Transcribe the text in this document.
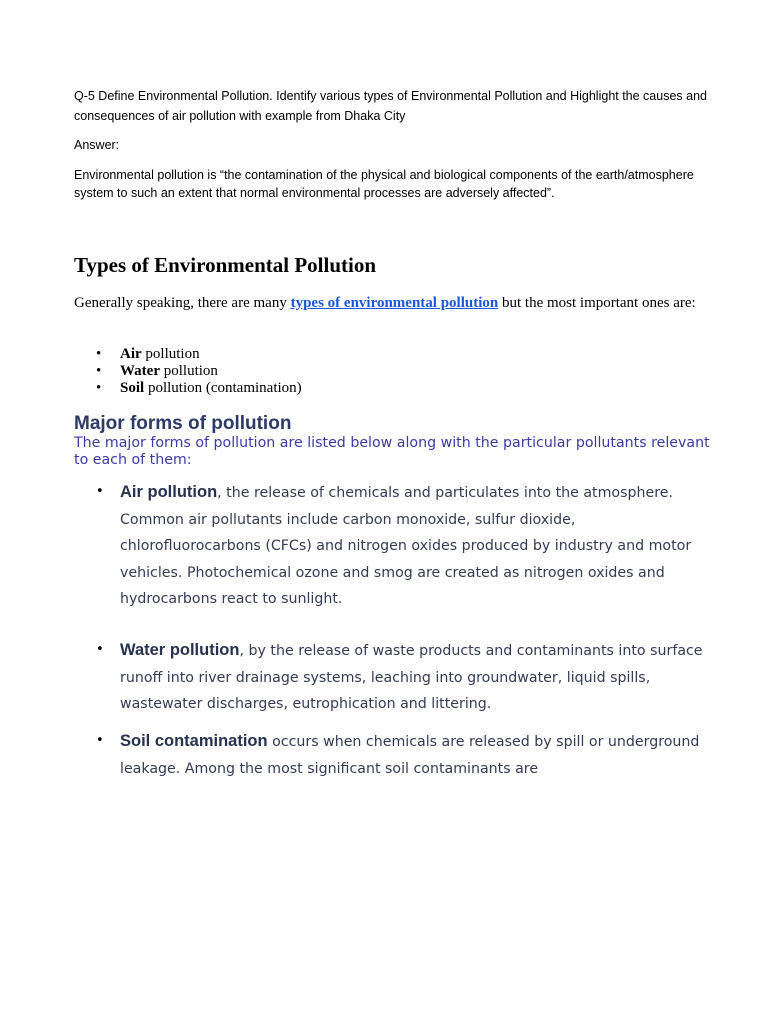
Q-5 Define Environmental Pollution. Identify various types of Environmental Pollution and Highlight the causes and consequences of air pollution with example from Dhaka City
Answer:
Environmental pollution is “the contamination of the physical and biological components of the earth/atmosphere system to such an extent that normal environmental processes are adversely affected”.
Types of Environmental Pollution
Generally speaking, there are many types of environmental pollution but the most important ones are:
• Air pollution
• Water pollution
• Soil pollution (contamination)
Major forms of pollution
The major forms of pollution are listed below along with the particular pollutants relevant to each of them:
• Air pollution, the release of chemicals and particulates into the atmosphere. Common air pollutants include carbon monoxide, sulfur dioxide, chlorofluorocarbons (CFCs) and nitrogen oxides produced by industry and motor vehicles. Photochemical ozone and smog are created as nitrogen oxides and hydrocarbons react to sunlight.
• Water pollution, by the release of waste products and contaminants into surface runoff into river drainage systems, leaching into groundwater, liquid spills, wastewater discharges, eutrophication and littering.
• Soil contamination occurs when chemicals are released by spill or underground leakage. Among the most significant soil contaminants are
